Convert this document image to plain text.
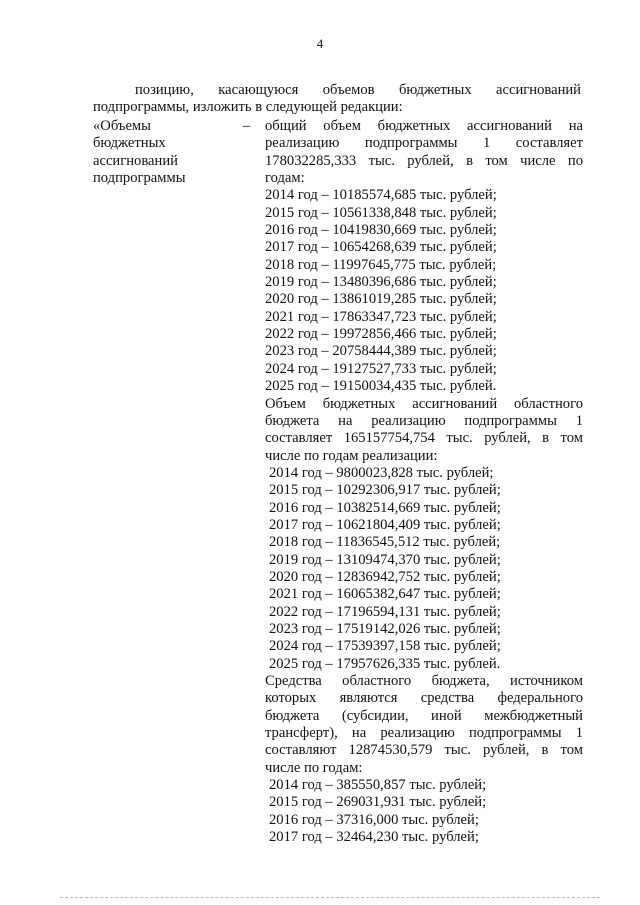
4

позицию, касающуюся объемов бюджетных ассигнований

подпрограммы, изложить в следующей редакции:

«Объемы
бюджетных
ассигнований
подпрограммы
– общий объем бюджетных ассигнований на
реализацию подпрограммы 1 составляет
178032285,333 тыс. рублей, в том числе по
годам:
2014 год – 10185574,685 тыс. рублей;
2015 год – 10561338,848 тыс. рублей;
2016 год – 10419830,669 тыс. рублей;
2017 год – 10654268,639 тыс. рублей;
2018 год – 11997645,775 тыс. рублей;
2019 год – 13480396,686 тыс. рублей;
2020 год – 13861019,285 тыс. рублей;
2021 год – 17863347,723 тыс. рублей;
2022 год – 19972856,466 тыс. рублей;
2023 год – 20758444,389 тыс. рублей;
2024 год – 19127527,733 тыс. рублей;
2025 год – 19150034,435 тыс. рублей.
Объем бюджетных ассигнований областного
бюджета на реализацию подпрограммы 1
составляет 165157754,754 тыс. рублей, в том
числе по годам реализации:
2014 год – 9800023,828 тыс. рублей;
2015 год – 10292306,917 тыс. рублей;
2016 год – 10382514,669 тыс. рублей;
2017 год – 10621804,409 тыс. рублей;
2018 год – 11836545,512 тыс. рублей;
2019 год – 13109474,370 тыс. рублей;
2020 год – 12836942,752 тыс. рублей;
2021 год – 16065382,647 тыс. рублей;
2022 год – 17196594,131 тыс. рублей;
2023 год – 17519142,026 тыс. рублей;
2024 год – 17539397,158 тыс. рублей;
2025 год – 17957626,335 тыс. рублей.
Средства областного бюджета, источником
которых являются средства федерального
бюджета (субсидии, иной межбюджетный
трансферт), на реализацию подпрограммы 1
составляют 12874530,579 тыс. рублей, в том
числе по годам:
2014 год – 385550,857 тыс. рублей;
2015 год – 269031,931 тыс. рублей;
2016 год – 37316,000 тыс. рублей;
2017 год – 32464,230 тыс. рублей;
